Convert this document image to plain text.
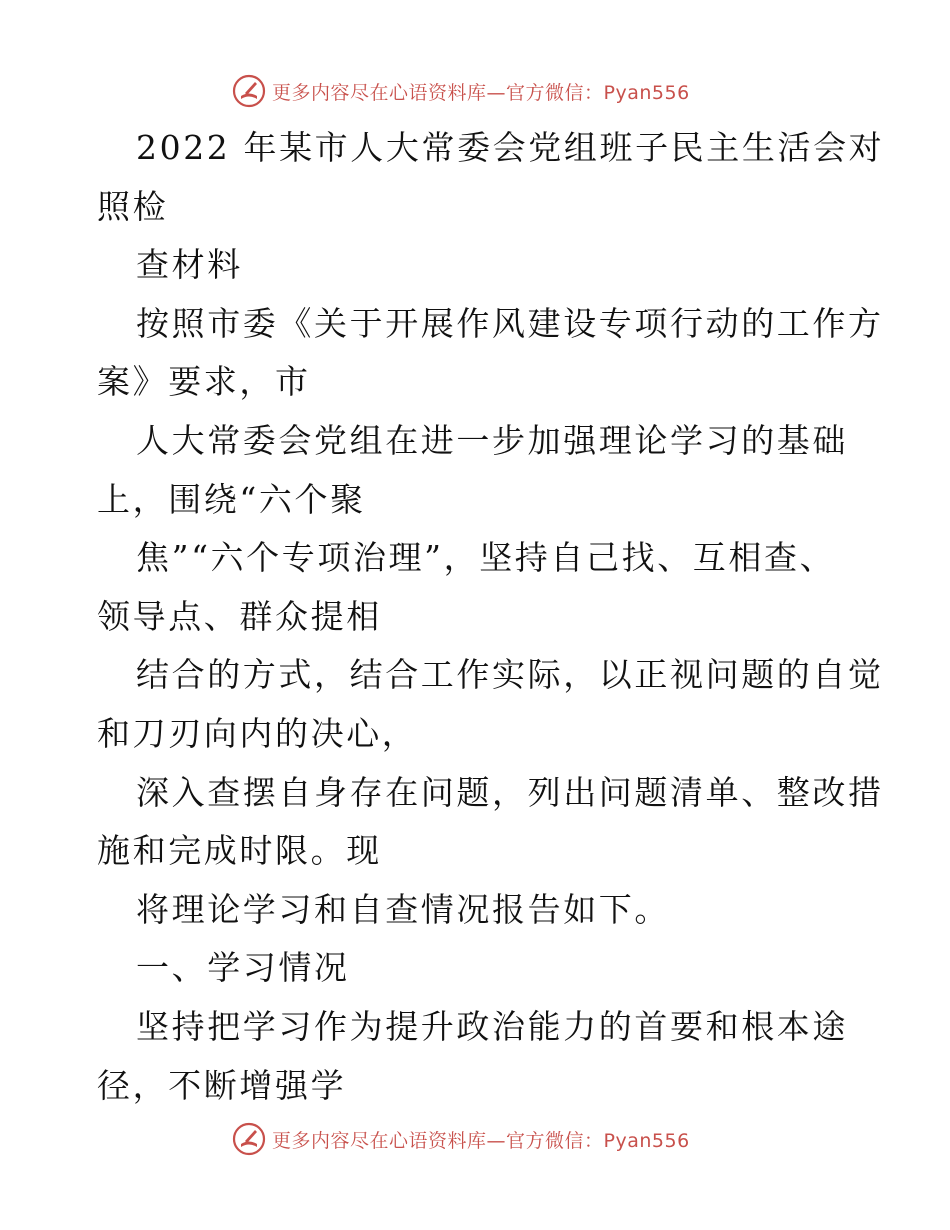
更多内容尽在心语资料库—官方微信：Pyan556
2022 年某市人大常委会党组班子民主生活会对
照检
查材料
按照市委《关于开展作风建设专项行动的工作方
案》要求，市
人大常委会党组在进一步加强理论学习的基础
上，围绕“六个聚
焦”“六个专项治理”，坚持自己找、互相查、
领导点、群众提相
结合的方式，结合工作实际，以正视问题的自觉
和刀刃向内的决心，
深入查摆自身存在问题，列出问题清单、整改措
施和完成时限。现
将理论学习和自查情况报告如下。
一、学习情况
坚持把学习作为提升政治能力的首要和根本途
径，不断增强学
更多内容尽在心语资料库—官方微信：Pyan556
